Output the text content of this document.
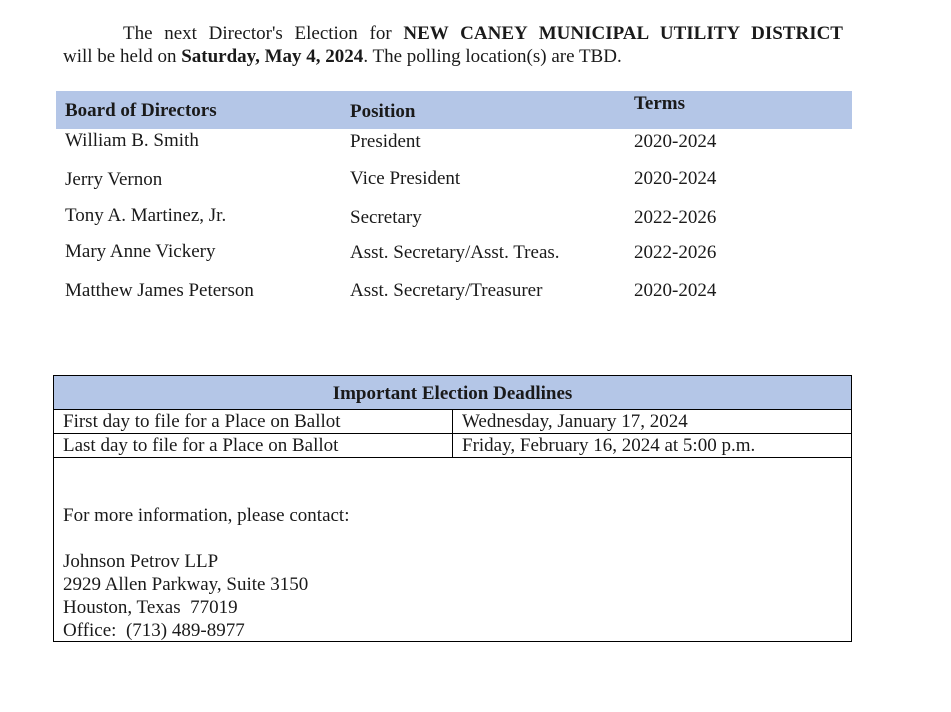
The next Director's Election for NEW CANEY MUNICIPAL UTILITY DISTRICT
will be held on Saturday, May 4, 2024. The polling location(s) are TBD.
Board of Directors	Position	Terms
William B. Smith	President	2020-2024
Jerry Vernon	Vice President	2020-2024
Tony A. Martinez, Jr.	Secretary	2022-2026
Mary Anne Vickery	Asst. Secretary/Asst. Treas.	2022-2026
Matthew James Peterson	Asst. Secretary/Treasurer	2020-2024
Important Election Deadlines
First day to file for a Place on Ballot	Wednesday, January 17, 2024
Last day to file for a Place on Ballot	Friday, February 16, 2024 at 5:00 p.m.
For more information, please contact:
Johnson Petrov LLP
2929 Allen Parkway, Suite 3150
Houston, Texas  77019
Office:  (713) 489-8977
